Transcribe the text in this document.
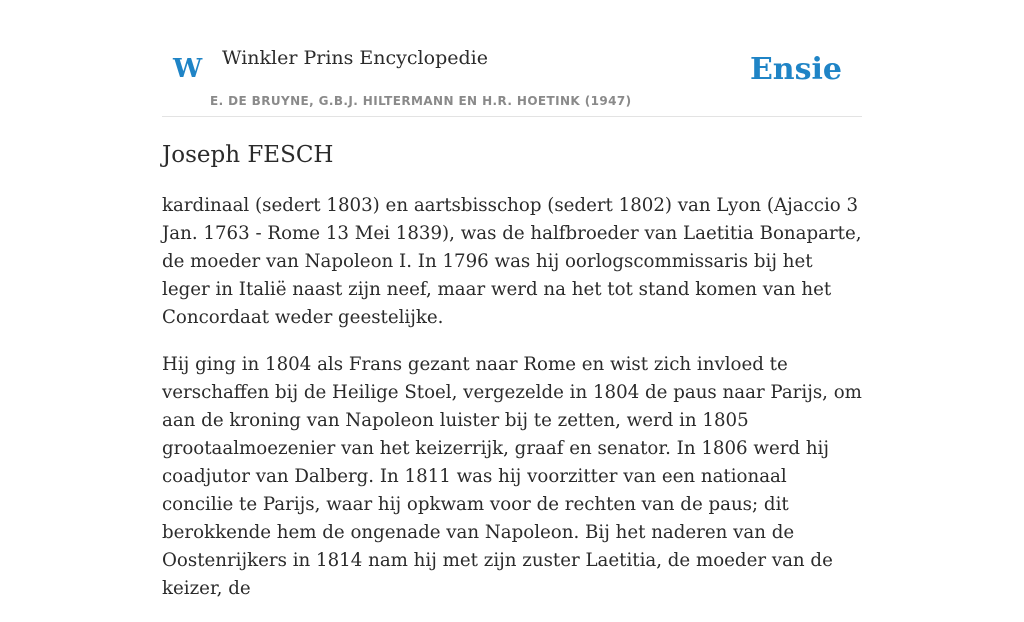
W Winkler Prins Encyclopedie
E. DE BRUYNE, G.B.J. HILTERMANN EN H.R. HOETINK (1947)
Ensie
Joseph FESCH

kardinaal (sedert 1803) en aartsbisschop (sedert 1802) van Lyon (Ajaccio 3 Jan. 1763 - Rome 13 Mei 1839), was de halfbroeder van Laetitia Bonaparte, de moeder van Napoleon I. In 1796 was hij oorlogscommissaris bij het leger in Italië naast zijn neef, maar werd na het tot stand komen van het Concordaat weder geestelijke.

Hij ging in 1804 als Frans gezant naar Rome en wist zich invloed te verschaffen bij de Heilige Stoel, vergezelde in 1804 de paus naar Parijs, om aan de kroning van Napoleon luister bij te zetten, werd in 1805 grootaalmoezenier van het keizerrijk, graaf en senator. In 1806 werd hij coadjutor van Dalberg. In 1811 was hij voorzitter van een nationaal concilie te Parijs, waar hij opkwam voor de rechten van de paus; dit berokkende hem de ongenade van Napoleon. Bij het naderen van de Oostenrijkers in 1814 nam hij met zijn zuster Laetitia, de moeder van de keizer, de
